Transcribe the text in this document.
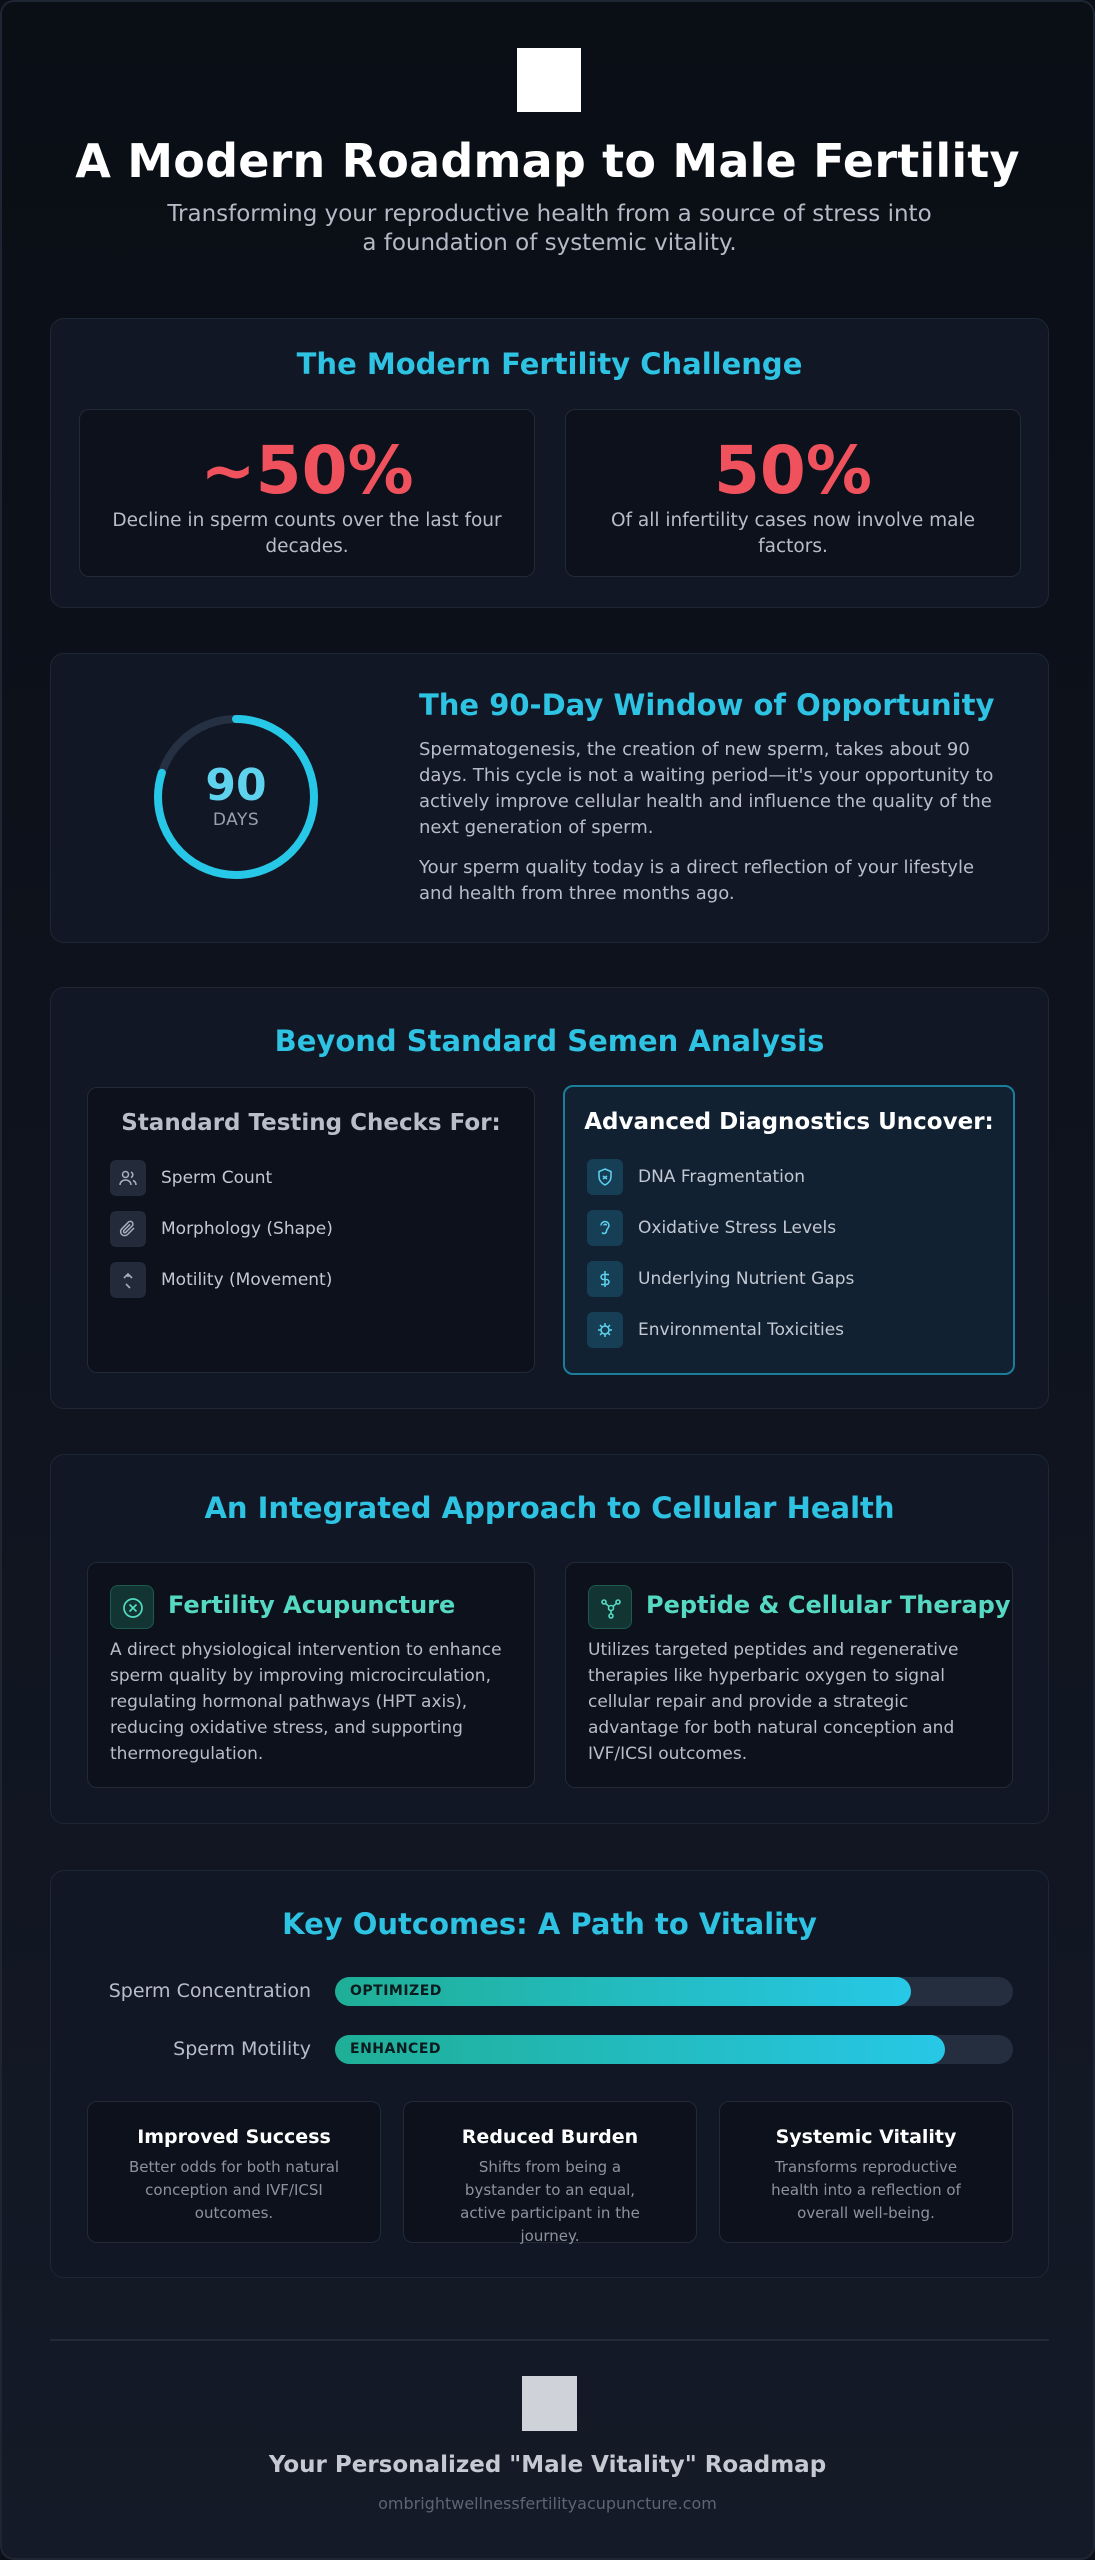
A Modern Roadmap to Male Fertility
Transforming your reproductive health from a source of stress into a foundation of systemic vitality.
The Modern Fertility Challenge
~50%
Decline in sperm counts over the last four decades.
50%
Of all infertility cases now involve male factors.
90
DAYS
The 90-Day Window of Opportunity
Spermatogenesis, the creation of new sperm, takes about 90 days. This cycle is not a waiting period—it's your opportunity to actively improve cellular health and influence the quality of the next generation of sperm.
Your sperm quality today is a direct reflection of your lifestyle and health from three months ago.
Beyond Standard Semen Analysis
Standard Testing Checks For:
Sperm Count
Morphology (Shape)
Motility (Movement)
Advanced Diagnostics Uncover:
DNA Fragmentation
Oxidative Stress Levels
Underlying Nutrient Gaps
Environmental Toxicities
An Integrated Approach to Cellular Health
Fertility Acupuncture
A direct physiological intervention to enhance sperm quality by improving microcirculation, regulating hormonal pathways (HPT axis), reducing oxidative stress, and supporting thermoregulation.
Peptide & Cellular Therapy
Utilizes targeted peptides and regenerative therapies like hyperbaric oxygen to signal cellular repair and provide a strategic advantage for both natural conception and IVF/ICSI outcomes.
Key Outcomes: A Path to Vitality
Sperm Concentration	OPTIMIZED
Sperm Motility	ENHANCED
Improved Success
Better odds for both natural conception and IVF/ICSI outcomes.
Reduced Burden
Shifts from being a bystander to an equal, active participant in the journey.
Systemic Vitality
Transforms reproductive health into a reflection of overall well-being.
Your Personalized "Male Vitality" Roadmap
ombrightwellnessfertilityacupuncture.com
